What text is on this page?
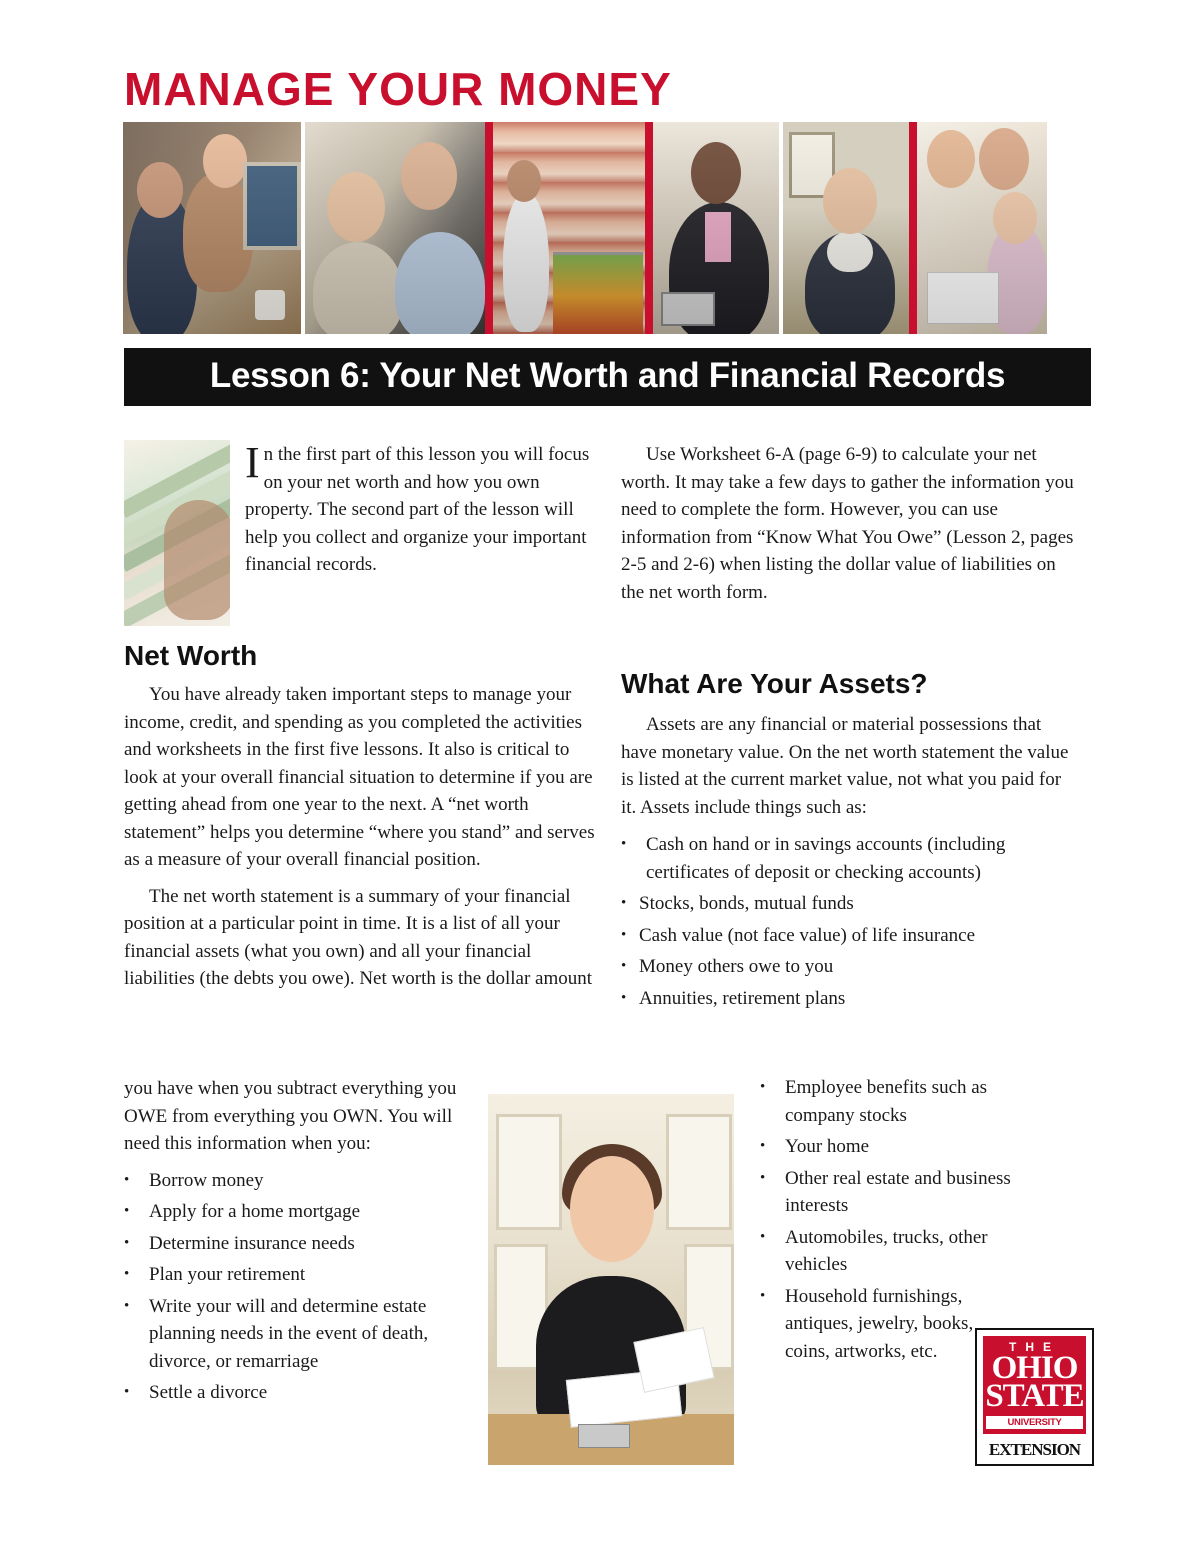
MANAGE YOUR MONEY
Lesson 6: Your Net Worth and Financial Records

In the first part of this lesson you will focus on your net worth and how you own property. The second part of the lesson will help you collect and organize your important financial records.

Net Worth

You have already taken important steps to manage your income, credit, and spending as you completed the activities and worksheets in the first five lessons. It also is critical to look at your overall financial situation to determine if you are getting ahead from one year to the next. A “net worth statement” helps you determine “where you stand” and serves as a measure of your overall financial position.

The net worth statement is a summary of your financial position at a particular point in time. It is a list of all your financial assets (what you own) and all your financial liabilities (the debts you owe). Net worth is the dollar amount

you have when you subtract everything you OWE from everything you OWN. You will need this information when you:

• Borrow money
• Apply for a home mortgage
• Determine insurance needs
• Plan your retirement
• Write your will and determine estate planning needs in the event of death, divorce, or remarriage
• Settle a divorce

Use Worksheet 6-A (page 6-9) to calculate your net worth. It may take a few days to gather the information you need to complete the form. However, you can use information from “Know What You Owe” (Lesson 2, pages 2-5 and 2-6) when listing the dollar value of liabilities on the net worth form.

What Are Your Assets?

Assets are any financial or material possessions that have monetary value. On the net worth statement the value is listed at the current market value, not what you paid for it. Assets include things such as:

• Cash on hand or in savings accounts (including certificates of deposit or checking accounts)
• Stocks, bonds, mutual funds
• Cash value (not face value) of life insurance
• Money others owe to you
• Annuities, retirement plans
• Employee benefits such as company stocks
• Your home
• Other real estate and business interests
• Automobiles, trucks, other vehicles
• Household furnishings, antiques, jewelry, books, coins, artworks, etc.	THE
OHIO
STATE
UNIVERSITY
EXTENSION
